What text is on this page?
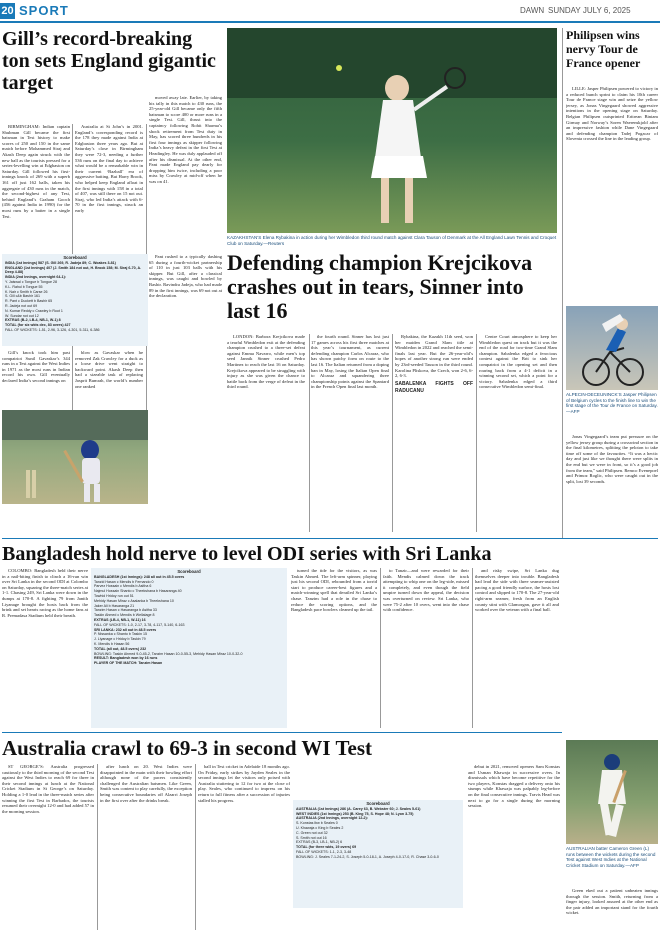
20 SPORT	DAWN SUNDAY JULY 6, 2025
Gill’s record-breaking ton sets England gigantic target

BIRMINGHAM: Indian captain Shubman Gill became the first batsman in Test history to make scores of 250 and 150 in the same match before Mohammed Siraj and Akash Deep again struck with the new ball as the tourists pressed for a series-levelling win at Edgbaston on Saturday. Gill followed his first-innings knock of 269 with a superb 161 off just 162 balls, taken his aggregate of 430 runs in the match, the second-highest of any Test, behind England’s Graham Gooch (456 against India in 1990) for the most runs by a batter in a single Test.

Australia at St John’s in 2001. England’s corresponding record is the 178 they made against India at Edgbaston three years ago. But at Saturday’s close in Birmingham they were 72-3, needing a further 536 runs on the final day to achieve what would be a remarkable win in their current ‘Bazball’ era of aggressive batting. But Harry Brook, who helped keep England afloat in the first innings with 158 in a total of 407, was still there on 15 not out. Siraj, who led India’s attack with 6-70 in the first innings, struck an early

moved away late. Earlier, by taking his tally in this match to 430 runs, the 25-year-old Gill became only the fifth batsman to score 400 or more runs in a single Test. Gill, thrust into the captaincy following Rohit Sharma’s shock retirement from Test duty in May, has scored three hundreds in his first four innings as skipper following India’s heavy defeat in the first Test at Headingley. He was duly applauded off after his dismissal. At the other end, Pant made England pay dearly for dropping him twice, including a poor miss by Crawley at mid-off when he was on 41.

Scoreboard
INDIA (1st Innings) 587 (S. Gill 269, R. Jadeja 89; C. Woakes 3-81)
ENGLAND (1st Innings) 407 (J. Smith 184 not out, H. Brook 158; M. Siraj 6-70, A. Deep 4-88)
INDIA (2nd Innings, overnight 64-1):
Y. Jaiswal c Tongue b Tongue 28
K.L. Rahul b Tongue 55
K. Nair c Smith b Carse 26
S. Gill c&b Bashir 161
R. Pant c Duckett b Bashir 65
R. Jadeja not out 69
N. Kumar Reddy c Crawley b Root 1
W. Sundar not out 12
EXTRAS (B-2, LB-4, NB-1, W-1) 8
TOTAL (for six wkts dec, 83 overs) 427
FALL OF WICKETS: 1-51, 2-96, 3-126, 4-301, 5-311, 6-386

Gill’s knock took him past compatriot Sunil Gavaskar’s 344 runs in a Test against the West Indies in 1971 as the most runs in Indian record his own. Gill eventually declared India’s second innings on

blow as Gavaskar when he removed Zak Crawley for a duck as a loose drive went straight to backward point. Akash Deep then had a sizeable task of replacing Jasprit Bumrah, the world’s number one ranked

Pant rushed to a typically dashing 65 during a fourth-wicket partnership of 110 in just 103 balls with his skipper. But Gill, after a classical innings, was caught and bowled by Bashir. Ravindra Jadeja, who had made 89 in the first innings, was 69 not out at the declaration.

KAZAKHSTAN’S Elena Rybakina in action during her Wimbledon third round match against Clara Tauson of Denmark at the All England Lawn Tennis and Croquet Club on Saturday.—Reuters
Defending champion Krejcikova crashes out in tears, Sinner into last 16

LONDON: Barbora Krejcikova made a tearful Wimbledon exit at the defending champion crushed to a three-set defeat against Emma Navarro, while men’s top seed Jannik Sinner crushed Pedro Martinez to reach the last 16 on Saturday. Krejcikova appeared to be struggling with injury as she was given the chance to battle back from the verge of defeat in the third round.

the fourth round. Sinner has lost just 17 games across his first three matches at this year’s tournament, as current defending champion Carlos Alcaraz, who has shown patchy form on route to the last 16. The Italian returned from a doping ban in May, losing the Italian Open final to Alcaraz and squandering three championship points against the Spaniard in the French Open final last month.

Rybakina, the Kazakh 11th seed, won her maiden Grand Slam title at Wimbledon in 2022 and reached the semi-finals last year. But the 26-year-old’s hopes of another strong run were ended by 23rd-seeded Tauson in the third round. Karolina Pliskova, the Czech, won 2-6, 6-2, 6-3.

SABALENKA FIGHTS OFF RADUCANU

Centre Court atmosphere to keep her Wimbledon quest on track but it was the end of the road for two-time Grand Slam champion. Sabalenka edged a ferocious contest against the Brit to sink her compatriot in the opening set and then roaring back from a 4-1 deficit in a winning second set, which a point for a victory. Sabalenka edged a third consecutive Wimbledon semi-final.

Philipsen wins nervy Tour de France opener

LILLE: Jasper Philipsen powered to victory in a reduced bunch sprint to claim his 10th career Tour de France stage win and seize the yellow jersey, as Jonas Vingegaard showed aggressive intentions in the opening stage on Saturday. Belgian Philipsen outsprinted Eritrean Biniam Girmay and Norway’s Soren Waerenskjold after an impressive fashion while Dane Vingegaard and defending champion Tadej Pogacar of Slovenia crossed the line in the leading group.

ALPECIN-DECEUNINCK’S Jasper Philipsen of Belgium cycles to the finish line to win the first stage of the Tour de France on Saturday.—AFP

Jonas Vingegaard’s team put pressure on the yellow jersey group during a crosswind section in the final kilometres, splitting the peloton to take time off some of the favourites. “It was a hectic day and just like we thought there were splits in the end but we were in front, so it’s a good job from the team,” said Philipsen. Remco Evenepoel and Primoz Roglic, who were caught out in the split, lost 39 seconds.

Bangladesh hold nerve to level ODI series with Sri Lanka

COLOMBO: Bangladesh held their nerve in a nail-biting finish to clinch a 16-run win over Sri Lanka in the second ODI at Colombo on Saturday, squaring the three-match series at 1-1. Chasing 249, Sri Lanka were down in the dumps at 170-8. A fighting 79 from Janith Liyanage brought the hosts back from the brink and set hearts racing as the home fans at R. Premadasa Stadium held their breath.

Scoreboard
BANGLADESH (1st Innings): 248 all out in 45.5 overs
Tanzid Hasan c Mendis b Fernando 0
Parvez Hossain c Mendis b Asitha 6
Najmul Hossain Shanto c Theekshana b Hasaranga 40
Towhid Hridoy run out 51
Mehidy Hasan Miraz c Asalanka b Theekshana 10
Jaker Ali b Hasaranga 21
Tanzim Hasan c Hasaranga b Asitha 33
Taskin Ahmed c Mendis b Wellalage 8
EXTRAS (LB-4, NB-1, W-11) 16
FALL OF WICKETS: 1-0, 2-17, 3-78, 4-117, 5-140, 6-163
SRI LANKA: 232 all out in 48.5 overs
P. Nissanka c Shanto b Taskin 15
J. Liyanage c Hridoy b Taskin 79
K. Mendis b Hasan 56
TOTAL (all out, 48.5 overs) 232
BOWLING: Taskin Ahmed 9-0-45-2, Tanzim Hasan 10-0-55-3, Mehidy Hasan Miraz 10-0-32-0
RESULT: Bangladesh won by 16 runs
PLAYER OF THE MATCH: Tanzim Hasan

turned the tide for the visitors, as was Taskin Ahmed. The left-arm spinner, playing just his second ODI, rebounded from a torrid start to produce career-best figures and a match-winning spell that derailed Sri Lanka’s chase. Tanzim had a role in the chase to reduce the scoring options, and the Bangladesh pace bowlers cleaned up the tail.

to Tanzir—and were rewarded for their faith. Mendis calmed down the track attempting to whip one on the leg-side, missed it completely, and even though the field umpire turned down the appeal, the decision was overturned on review. Sri Lanka, who were 75-2 after 10 overs, went into the chase with confidence.

and risky swipe, Sri Lanka dug themselves deeper into trouble. Bangladesh had lead the side with three seamer-assisted pacing a good friendly surface, the hosts lost control and slipped to 170-8. The 27-year-old right-arm seamer, fresh from an English county stint with Glamorgan, gave it all and worked over the veteran with a final ball.

Australia crawl to 69-3 in second WI Test

ST GEORGE’S: Australia progressed cautiously to the third morning of the second Test against the West Indies to reach 69 for three in their second innings at lunch at the National Cricket Stadium in St George’s on Saturday. Holding a 1-0 lead in the three-match series after winning the first Test in Barbados, the tourists resumed their overnight 12-0 and had added 57 in the morning session.

after lunch on 20. West Indies were disappointed in the main with their bowling effort although none of the pacers consistently challenged the Australian batsmen. Like Green, Smith was content to play carefully, the exception being consecutive boundaries off Alzarri Joseph in the first over after the drinks break.

ball in Test cricket in Adelaide 18 months ago. On Friday, early strikes by Jayden Seales in the second innings let the visitors only poised with Australia stuttering to 12 for two at the close of play. Seales, who continued to impress on his return to full fitness after a succession of injuries stalled his progress.

Scoreboard
AUSTRALIA (1st Innings) 286 (A. Carey 63, B. Webster 60; J. Seales 5-61)
WEST INDIES (1st Innings) 253 (B. King 75, S. Hope 48; N. Lyon 3-75)
AUSTRALIA (2nd Innings, overnight 12-2):
S. Konstas lbw b Seales 0
U. Khawaja c King b Seales 2
C. Green not out 32
S. Smith not out 16
EXTRAS (B-3, LB-1, NB-2) 6
TOTAL (for three wkts, 19 overs) 69
FALL OF WICKETS: 1-1, 2-3, 3-48
BOWLING: J. Seales 7-1-24-2, S. Joseph 5-0-18-1, A. Joseph 4-0-17-0, R. Chase 3-0-6-0

debut in 2021, removed openers Sam Konstas and Usman Khawaja in successive overs. In dismissals which have become repetitive for the two players, Konstas dragged a delivery onto his stumps while Khawaja was palpably leg-before on the final consecutive innings. Travis Head was next to go for a single during the morning session.

AUSTRALIAN batter Cameron Green (L) runs between the wickets during the second Test against West Indies at the National Cricket Stadium on Saturday.—AFP

Green eked out a patient unbeaten innings through the session. Smith, returning from a finger injury, looked assured at the other end as the pair added an important stand for the fourth wicket.
